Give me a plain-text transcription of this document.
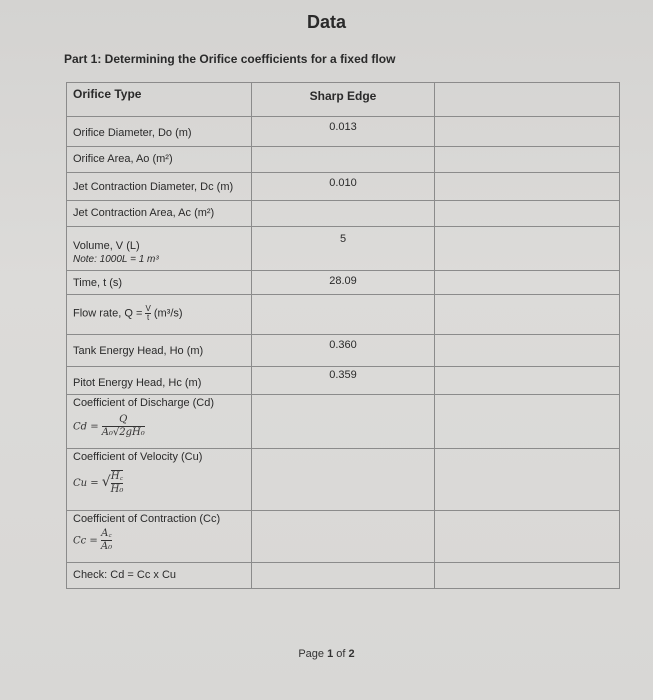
Data
Part 1: Determining the Orifice coefficients for a fixed flow
Orifice Type	Sharp Edge	
Orifice Diameter, Do (m)	0.013	
Orifice Area, Ao (m²)		
Jet Contraction Diameter, Dc (m)	0.010	
Jet Contraction Area, Ac (m²)		

Volume, V (L)
Note: 1000L = 1 m³	5	
Time, t (s)	28.09	
Flow rate, $Q = \frac{V}{t} (m^3/s)$		
Tank Energy Head, Ho (m)	0.360	
Pitot Energy Head, Hc (m)	0.359	

Coefficient of Discharge (Cd)
$Cd = \frac{Q}{\text{A₀√2gH₀}}$

Coefficient of Velocity (Cu)
Cu = √ $\frac{H꜀}{\text{H₀}}$

Coefficient of Contraction (Cc)
$Cc = \frac{A꜀}{\text{A₀}}$

Check: Cd = Cc x Cu		
Page 1 of 2
